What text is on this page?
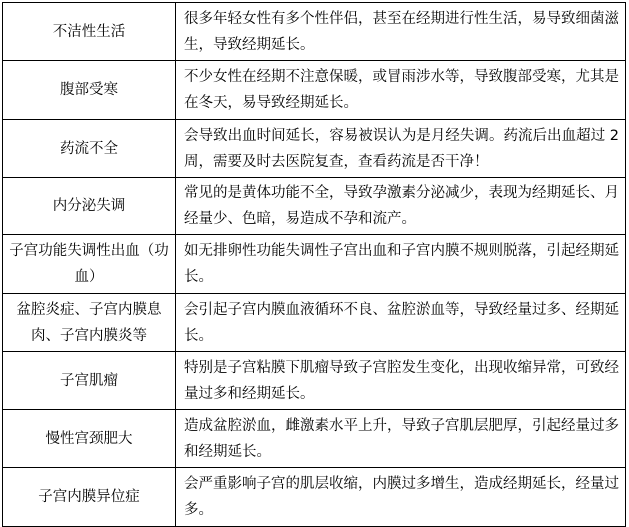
不洁性生活	很多年轻女性有多个性伴侣，甚至在经期进行性生活，易导致细菌滋生，导致经期延长。
腹部受寒	不少女性在经期不注意保暖，或冒雨涉水等，导致腹部受寒，尤其是在冬天，易导致经期延长。
药流不全	会导致出血时间延长，容易被误认为是月经失调。药流后出血超过 2 周，需要及时去医院复查，查看药流是否干净！
内分泌失调	常见的是黄体功能不全，导致孕激素分泌减少，表现为经期延长、月经量少、色暗，易造成不孕和流产。
子宫功能失调性出血（功血）	如无排卵性功能失调性子宫出血和子宫内膜不规则脱落，引起经期延长。
盆腔炎症、子宫内膜息肉、子宫内膜炎等	会引起子宫内膜血液循环不良、盆腔淤血等，导致经量过多、经期延长。
子宫肌瘤	特别是子宫粘膜下肌瘤导致子宫腔发生变化，出现收缩异常，可致经量过多和经期延长。
慢性宫颈肥大	造成盆腔淤血，雌激素水平上升，导致子宫肌层肥厚，引起经量过多和经期延长。
子宫内膜异位症	会严重影响子宫的肌层收缩，内膜过多增生，造成经期延长，经量过多。
